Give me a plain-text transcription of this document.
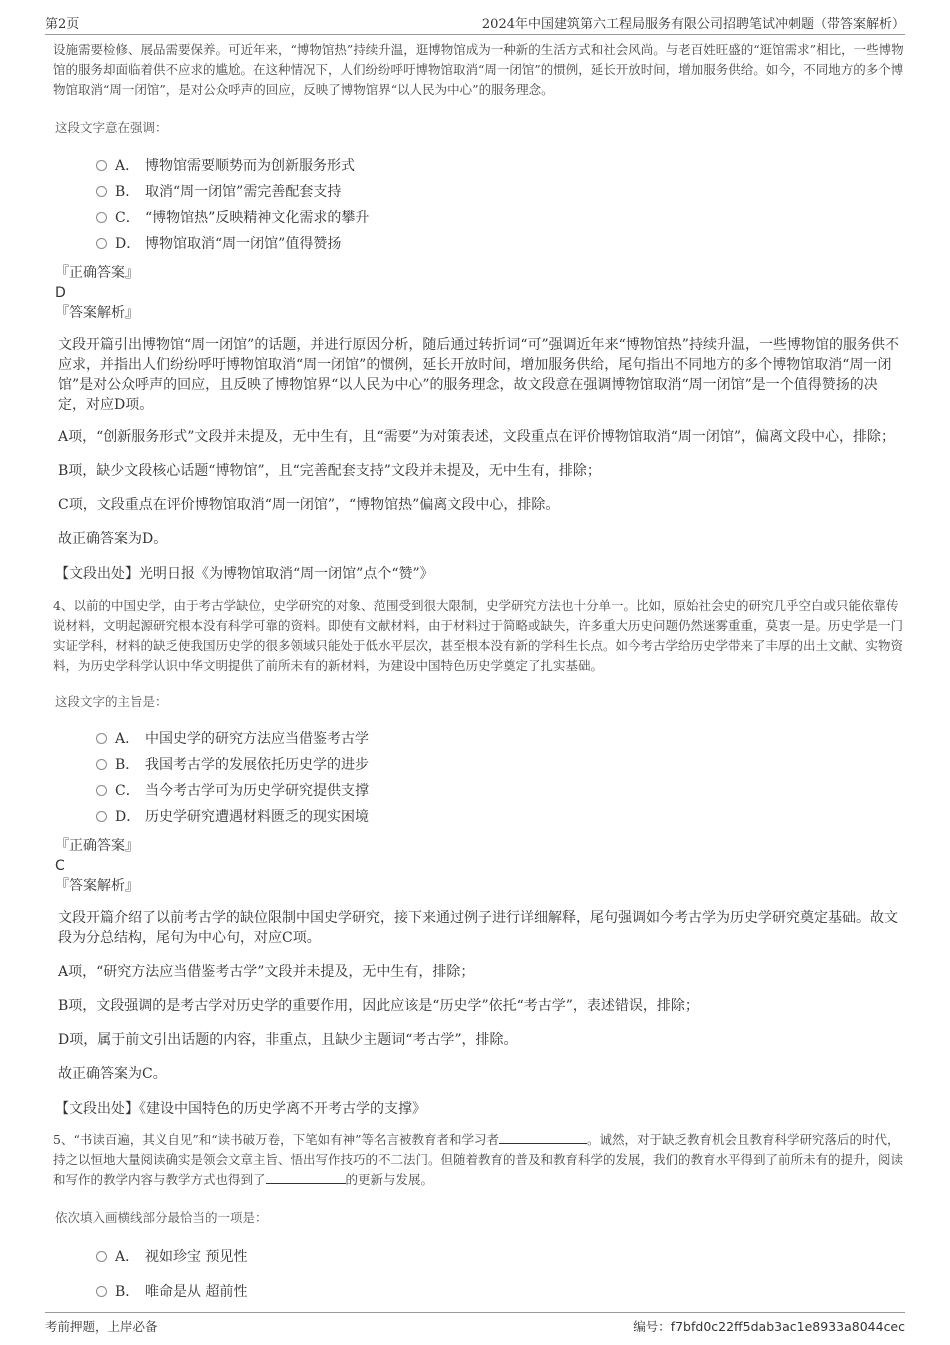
第2页	2024年中国建筑第六工程局服务有限公司招聘笔试冲刺题（带答案解析）

设施需要检修、展品需要保养。可近年来，“博物馆热”持续升温，逛博物馆成为一种新的生活方式和社会风尚。与老百姓旺盛的“逛馆需求”相比，一些博物馆的服务却面临着供不应求的尴尬。在这种情况下，人们纷纷呼吁博物馆取消“周一闭馆”的惯例，延长开放时间，增加服务供给。如今，不同地方的多个博物馆取消“周一闭馆”，是对公众呼声的回应，反映了博物馆界“以人民为中心”的服务理念。

这段文字意在强调：

A． 博物馆需要顺势而为创新服务形式
B． 取消“周一闭馆”需完善配套支持
C． “博物馆热”反映精神文化需求的攀升
D． 博物馆取消“周一闭馆”值得赞扬

『正确答案』

D

『答案解析』

文段开篇引出博物馆“周一闭馆”的话题，并进行原因分析，随后通过转折词“可”强调近年来“博物馆热”持续升温，一些博物馆的服务供不应求，并指出人们纷纷呼吁博物馆取消“周一闭馆”的惯例，延长开放时间，增加服务供给，尾句指出不同地方的多个博物馆取消“周一闭馆”是对公众呼声的回应，且反映了博物馆界“以人民为中心”的服务理念，故文段意在强调博物馆取消“周一闭馆”是一个值得赞扬的决定，对应D项。

A项，“创新服务形式”文段并未提及，无中生有，且“需要”为对策表述，文段重点在评价博物馆取消“周一闭馆”，偏离文段中心，排除；

B项，缺少文段核心话题“博物馆”，且“完善配套支持”文段并未提及，无中生有，排除；

C项，文段重点在评价博物馆取消“周一闭馆”，“博物馆热”偏离文段中心，排除。

故正确答案为D。

【文段出处】光明日报《为博物馆取消“周一闭馆”点个“赞”》

4、以前的中国史学，由于考古学缺位，史学研究的对象、范围受到很大限制，史学研究方法也十分单一。比如，原始社会史的研究几乎空白或只能依靠传说材料，文明起源研究根本没有科学可靠的资料。即使有文献材料，由于材料过于简略或缺失，许多重大历史问题仍然迷雾重重，莫衷一是。历史学是一门实证学科，材料的缺乏使我国历史学的很多领域只能处于低水平层次，甚至根本没有新的学科生长点。如今考古学给历史学带来了丰厚的出土文献、实物资料，为历史学科学认识中华文明提供了前所未有的新材料，为建设中国特色历史学奠定了扎实基础。

这段文字的主旨是：

A． 中国史学的研究方法应当借鉴考古学
B． 我国考古学的发展依托历史学的进步
C． 当今考古学可为历史学研究提供支撑
D． 历史学研究遭遇材料匮乏的现实困境

『正确答案』

C

『答案解析』

文段开篇介绍了以前考古学的缺位限制中国史学研究，接下来通过例子进行详细解释，尾句强调如今考古学为历史学研究奠定基础。故文段为分总结构，尾句为中心句，对应C项。

A项，“研究方法应当借鉴考古学”文段并未提及，无中生有，排除；

B项，文段强调的是考古学对历史学的重要作用，因此应该是“历史学”依托“考古学”，表述错误，排除；

D项，属于前文引出话题的内容，非重点，且缺少主题词“考古学”，排除。

故正确答案为C。

【文段出处】《建设中国特色的历史学离不开考古学的支撑》

5、“书读百遍，其义自见”和“读书破万卷，下笔如有神”等名言被教育者和学习者	。诚然，对于缺乏教育机会且教育科学研究落后的时代，持之以恒地大量阅读确实是领会文章主旨、悟出写作技巧的不二法门。但随着教育的普及和教育科学的发展，我们的教育水平得到了前所未有的提升，阅读和写作的教学内容与教学方式也得到了	的更新与发展。

依次填入画横线部分最恰当的一项是：

A． 视如珍宝 预见性
B． 唯命是从 超前性
考前押题，上岸必备	编号：f7bfd0c22ff5dab3ac1e8933a8044cec
